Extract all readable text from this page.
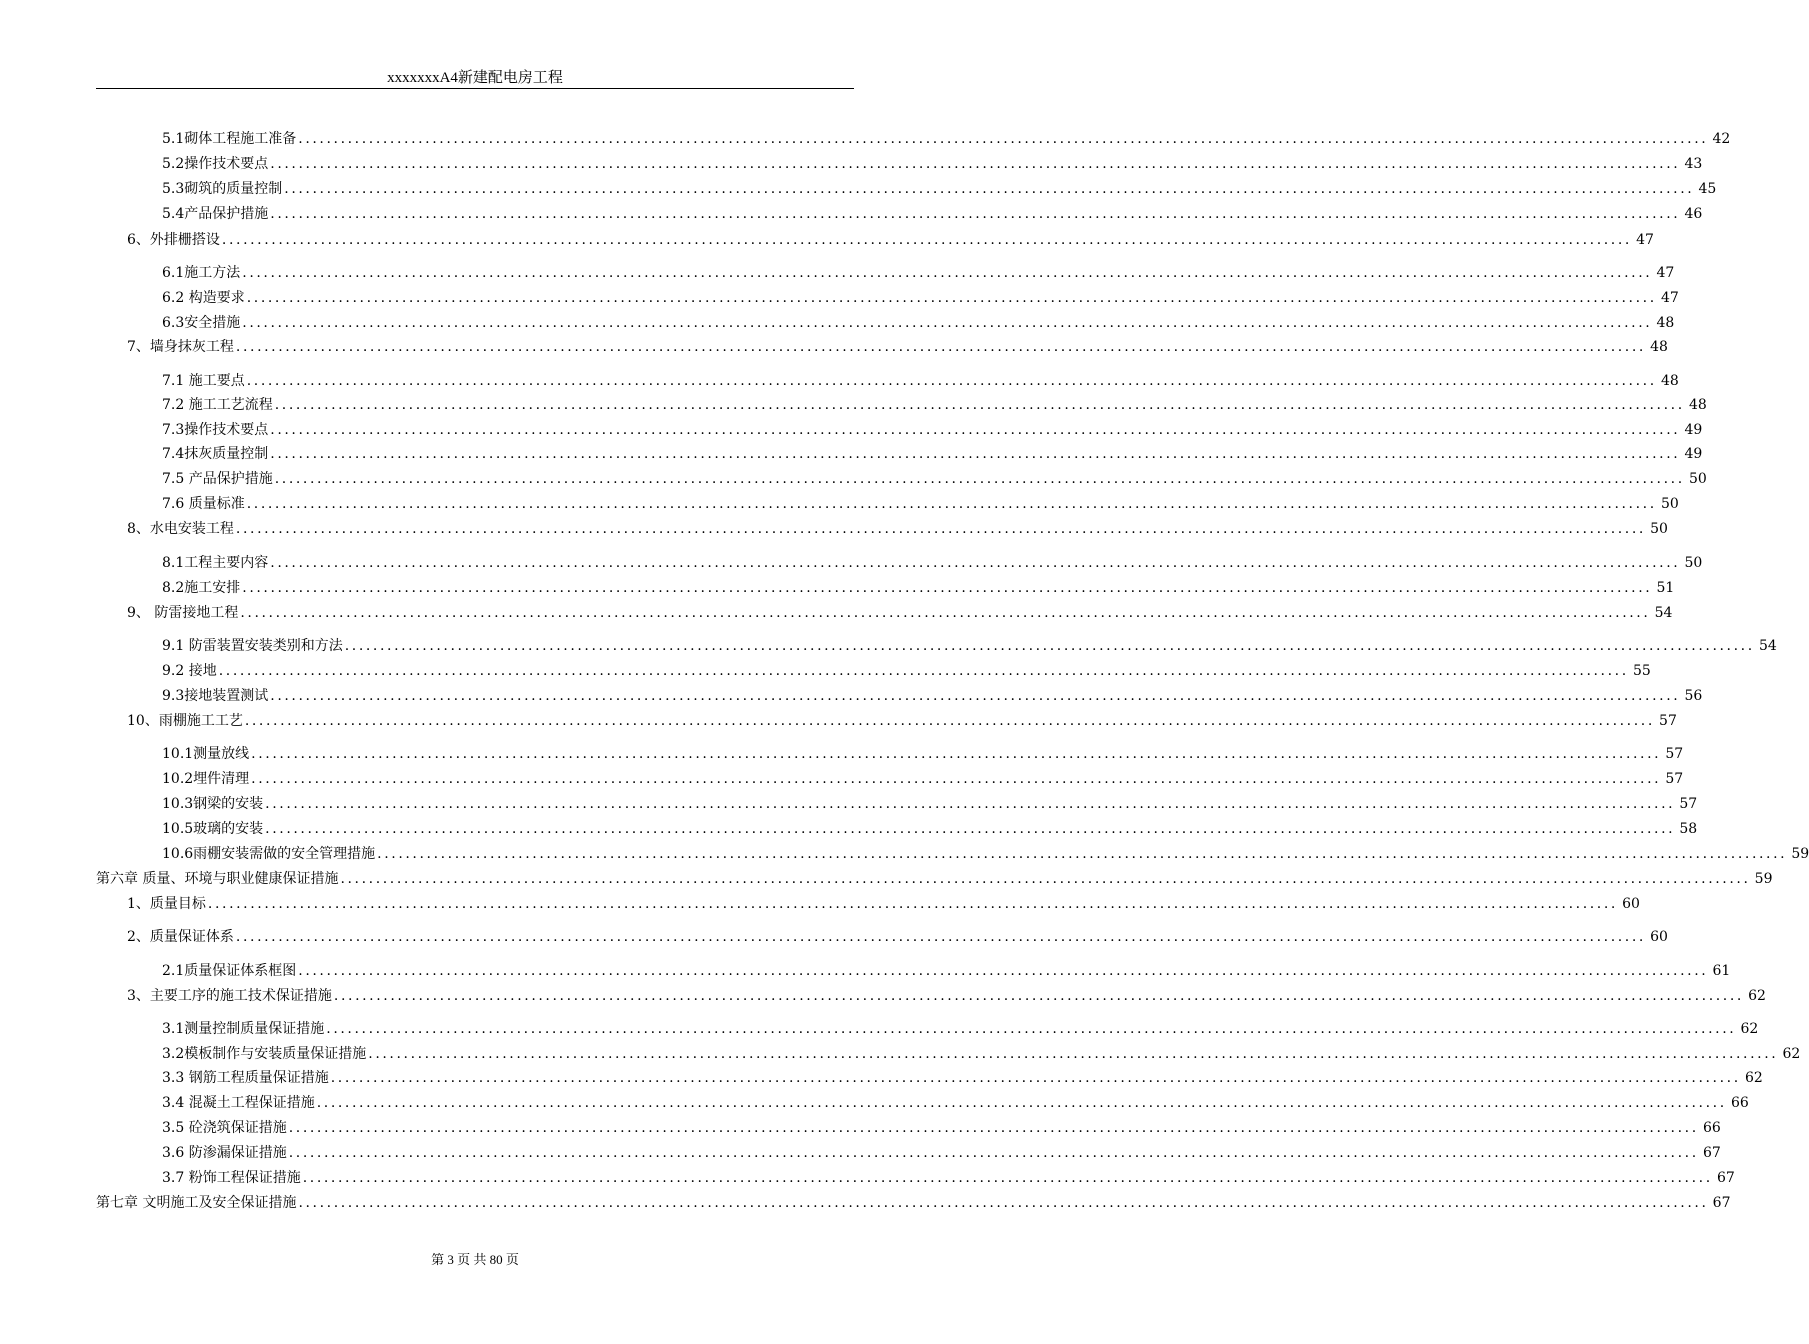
xxxxxxxA4新建配电房工程
5.1砌体工程施工准备 ........................................................................................................................................................................................................ 42
5.2操作技术要点 ........................................................................................................................................................................................................ 43
5.3砌筑的质量控制 ........................................................................................................................................................................................................ 45
5.4产品保护措施 ........................................................................................................................................................................................................ 46
6、外排栅搭设 ........................................................................................................................................................................................................ 47
6.1施工方法 ........................................................................................................................................................................................................ 47
6.2 构造要求 ........................................................................................................................................................................................................ 47
6.3安全措施 ........................................................................................................................................................................................................ 48
7、墙身抹灰工程 ........................................................................................................................................................................................................ 48
7.1 施工要点 ........................................................................................................................................................................................................ 48
7.2 施工工艺流程 ........................................................................................................................................................................................................ 48
7.3操作技术要点 ........................................................................................................................................................................................................ 49
7.4抹灰质量控制 ........................................................................................................................................................................................................ 49
7.5 产品保护措施 ........................................................................................................................................................................................................ 50
7.6 质量标准 ........................................................................................................................................................................................................ 50
8、水电安装工程 ........................................................................................................................................................................................................ 50
8.1工程主要内容 ........................................................................................................................................................................................................ 50
8.2施工安排 ........................................................................................................................................................................................................ 51
9、 防雷接地工程 ........................................................................................................................................................................................................ 54
9.1 防雷装置安装类别和方法 ........................................................................................................................................................................................................ 54
9.2 接地 ........................................................................................................................................................................................................ 55
9.3接地装置测试 ........................................................................................................................................................................................................ 56
10、雨棚施工工艺 ........................................................................................................................................................................................................ 57
10.1测量放线 ........................................................................................................................................................................................................ 57
10.2埋件清理 ........................................................................................................................................................................................................ 57
10.3钢梁的安装 ........................................................................................................................................................................................................ 57
10.5玻璃的安装 ........................................................................................................................................................................................................ 58
10.6雨棚安装需做的安全管理措施 ........................................................................................................................................................................................................ 59
第六章 质量、环境与职业健康保证措施 ........................................................................................................................................................................................................ 59
1、质量目标 ........................................................................................................................................................................................................ 60
2、质量保证体系 ........................................................................................................................................................................................................ 60
2.1质量保证体系框图 ........................................................................................................................................................................................................ 61
3、主要工序的施工技术保证措施 ........................................................................................................................................................................................................ 62
3.1测量控制质量保证措施 ........................................................................................................................................................................................................ 62
3.2模板制作与安装质量保证措施 ........................................................................................................................................................................................................ 62
3.3 钢筋工程质量保证措施 ........................................................................................................................................................................................................ 62
3.4 混凝土工程保证措施 ........................................................................................................................................................................................................ 66
3.5 砼浇筑保证措施 ........................................................................................................................................................................................................ 66
3.6 防渗漏保证措施 ........................................................................................................................................................................................................ 67
3.7 粉饰工程保证措施 ........................................................................................................................................................................................................ 67
第七章 文明施工及安全保证措施 ........................................................................................................................................................................................................ 67
第 3 页 共 80 页
